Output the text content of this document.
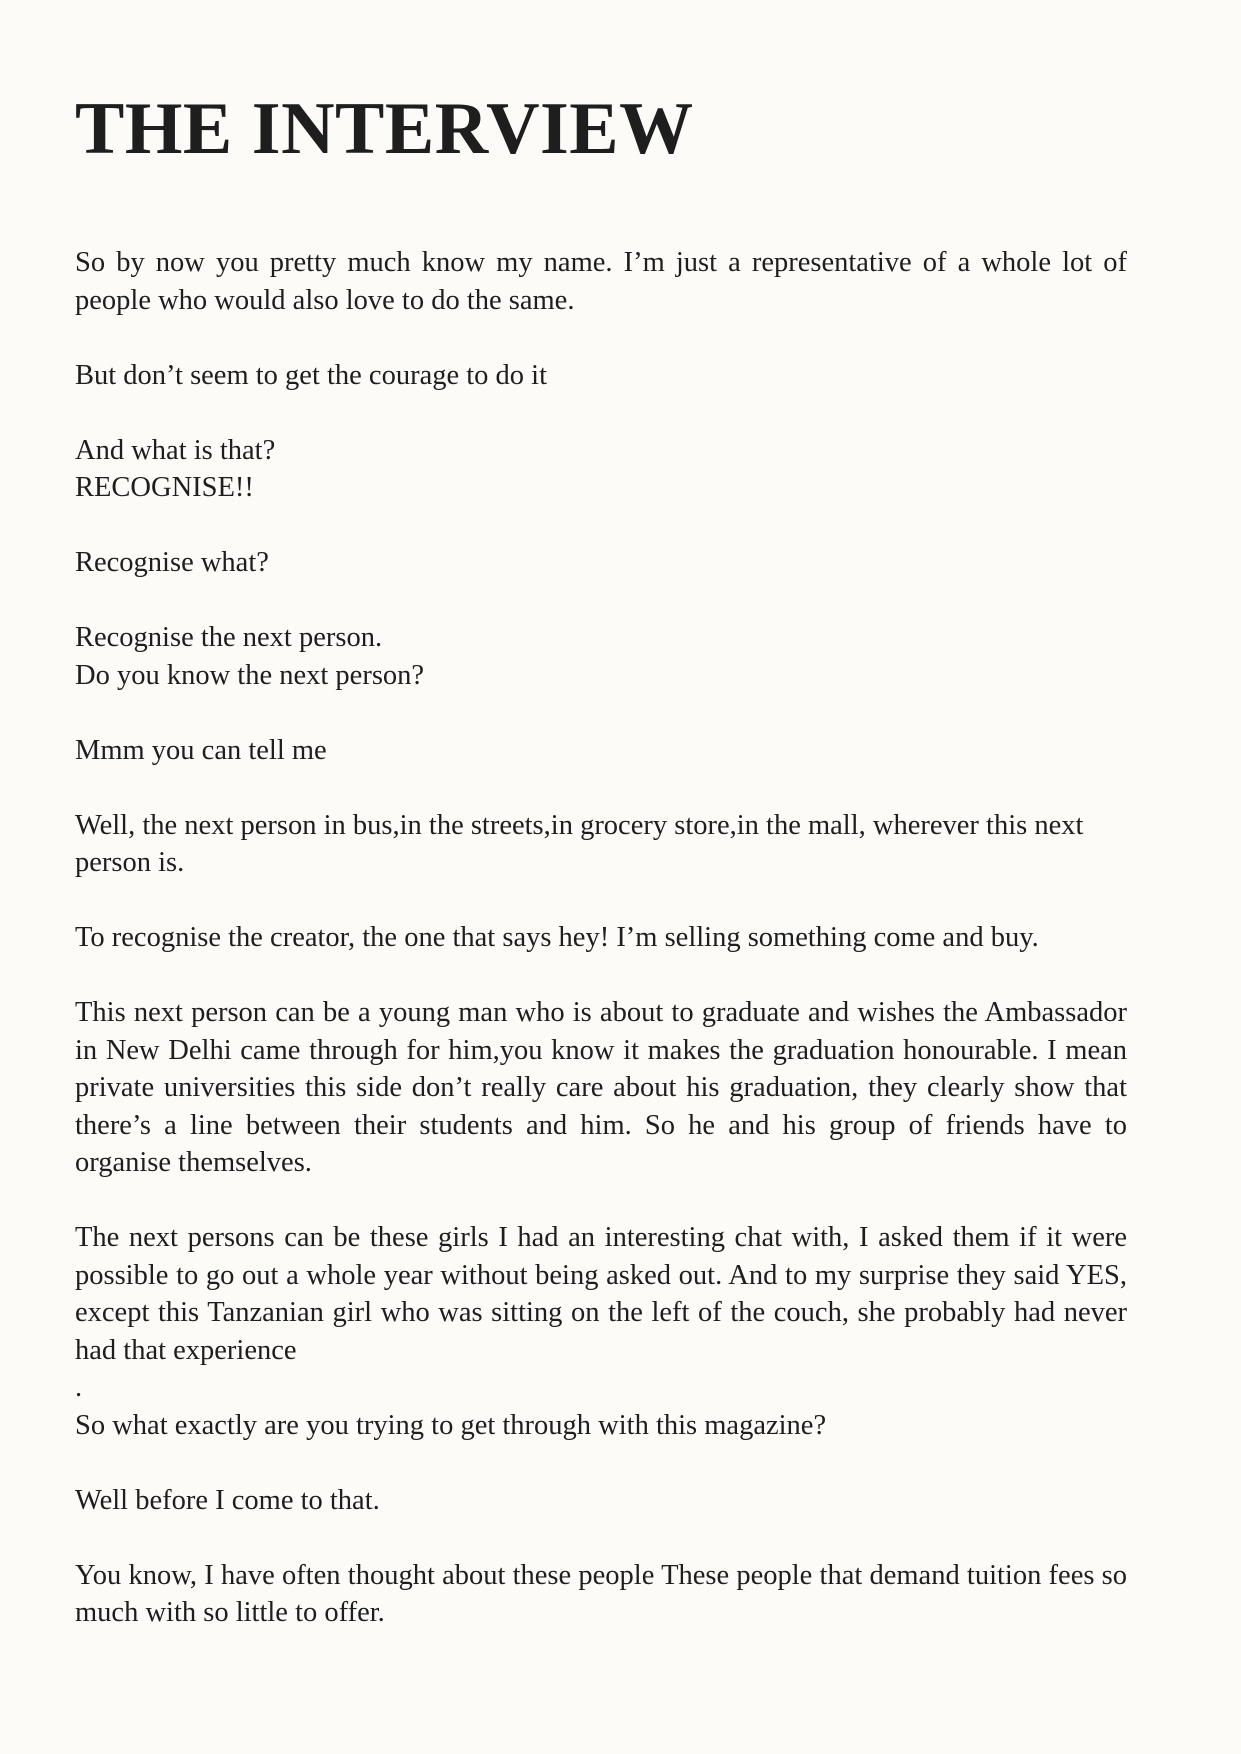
THE INTERVIEW

So by now you pretty much know my name. I’m just a representative of a whole lot of people who would also love to do the same.

But don’t seem to get the courage to do it

And what is that?
RECOGNISE!!

Recognise what?

Recognise the next person.
Do you know the next person?

Mmm you can tell me

Well, the next person in bus,in the streets,in grocery store,in the mall, wherever this next person is.

To recognise the creator, the one that says hey! I’m selling something come and buy.

This next person can be a young man who is about to graduate and wishes the Ambassador in New Delhi came through for him,you know it makes the graduation honourable. I mean private universities this side don’t really care about his graduation, they clearly show that there’s a line between their students and him. So he and his group of friends have to organise themselves.

The next persons can be these girls I had an interesting chat with, I asked them if it were possible to go out a whole year without being asked out. And to my surprise they said YES, except this Tanzanian girl who was sitting on the left of the couch, she probably had never had that experience

.

So what exactly are you trying to get through with this magazine?

Well before I come to that.

You know, I have often thought about these people These people that demand tuition fees so much with so little to offer.
